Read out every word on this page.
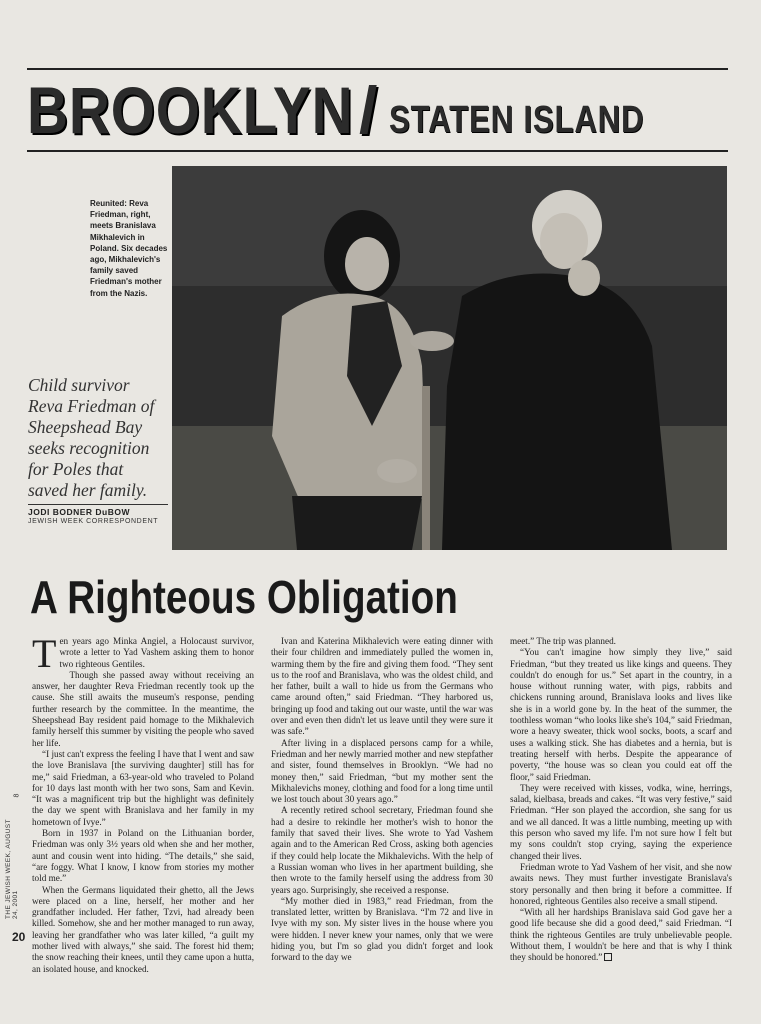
BROOKLYN / STATEN ISLAND
Reunited: Reva Friedman, right, meets Branislava Mikhalevich in Poland. Six decades ago, Mikhalevich's family saved Friedman's mother from the Nazis.
Child survivor Reva Friedman of Sheepshead Bay seeks recognition for Poles that saved her family.
JODI BODNER DuBOW
JEWISH WEEK CORRESPONDENT
A Righteous Obligation

Ten years ago Minka Angiel, a Holocaust survivor, wrote a letter to Yad Vashem asking them to honor two righteous Gentiles.

Though she passed away without receiving an answer, her daughter Reva Friedman recently took up the cause. She still awaits the museum's response, pending further research by the committee. In the meantime, the Sheepshead Bay resident paid homage to the Mikhalevich family herself this summer by visiting the people who saved her life.

“I just can't express the feeling I have that I went and saw the love Branislava [the surviving daughter] still has for me,” said Friedman, a 63-year-old who traveled to Poland for 10 days last month with her two sons, Sam and Kevin. “It was a magnificent trip but the highlight was definitely the day we spent with Branislava and her family in my hometown of Ivye.”

Born in 1937 in Poland on the Lithuanian border, Friedman was only 3½ years old when she and her mother, aunt and cousin went into hiding. “The details,” she said, “are foggy. What I know, I know from stories my mother told me.”

When the Germans liquidated their ghetto, all the Jews were placed on a line, herself, her mother and her grandfather included. Her father, Tzvi, had already been killed. Somehow, she and her mother managed to run away, leaving her grandfather who was later killed, “a guilt my mother lived with always,” she said. The forest hid them; the snow reaching their knees, until they came upon a hutta, an isolated house, and knocked.

Ivan and Katerina Mikhalevich were eating dinner with their four children and immediately pulled the women in, warming them by the fire and giving them food. “They sent us to the roof and Branislava, who was the oldest child, and her father, built a wall to hide us from the Germans who came around often,” said Friedman. “They harbored us, bringing up food and taking out our waste, until the war was over and even then didn't let us leave until they were sure it was safe.”

After living in a displaced persons camp for a while, Friedman and her newly married mother and new stepfather and sister, found themselves in Brooklyn. “We had no money then,” said Friedman, “but my mother sent the Mikhalevichs money, clothing and food for a long time until we lost touch about 30 years ago.”

A recently retired school secretary, Friedman found she had a desire to rekindle her mother's wish to honor the family that saved their lives. She wrote to Yad Vashem again and to the American Red Cross, asking both agencies if they could help locate the Mikhalevichs. With the help of a Russian woman who lives in her apartment building, she then wrote to the family herself using the address from 30 years ago. Surprisingly, she received a response.

“My mother died in 1983,” read Friedman, from the translated letter, written by Branislava. “I'm 72 and live in Ivye with my son. My sister lives in the house where you were hidden. I never knew your names, only that we were hiding you, but I'm so glad you didn't forget and look forward to the day we

meet.” The trip was planned.

“You can't imagine how simply they live,” said Friedman, “but they treated us like kings and queens. They couldn't do enough for us.” Set apart in the country, in a house without running water, with pigs, rabbits and chickens running around, Branislava looks and lives like she is in a world gone by. In the heat of the summer, the toothless woman “who looks like she's 104,” said Friedman, wore a heavy sweater, thick wool socks, boots, a scarf and uses a walking stick. She has diabetes and a hernia, but is treating herself with herbs. Despite the appearance of poverty, “the house was so clean you could eat off the floor,” said Friedman.

They were received with kisses, vodka, wine, herrings, salad, kielbasa, breads and cakes. “It was very festive,” said Friedman. “Her son played the accordion, she sang for us and we all danced. It was a little numbing, meeting up with this person who saved my life. I'm not sure how I felt but my sons couldn't stop crying, saying the experience changed their lives.

Friedman wrote to Yad Vashem of her visit, and she now awaits news. They must further investigate Branislava's story personally and then bring it before a committee. If honored, righteous Gentiles also receive a small stipend.

“With all her hardships Branislava said God gave her a good life because she did a good deed,” said Friedman. “I think the righteous Gentiles are truly unbelievable people. Without them, I wouldn't be here and that is why I think they should be honored.”

8
THE JEWISH WEEK, AUGUST 24, 2001
20
